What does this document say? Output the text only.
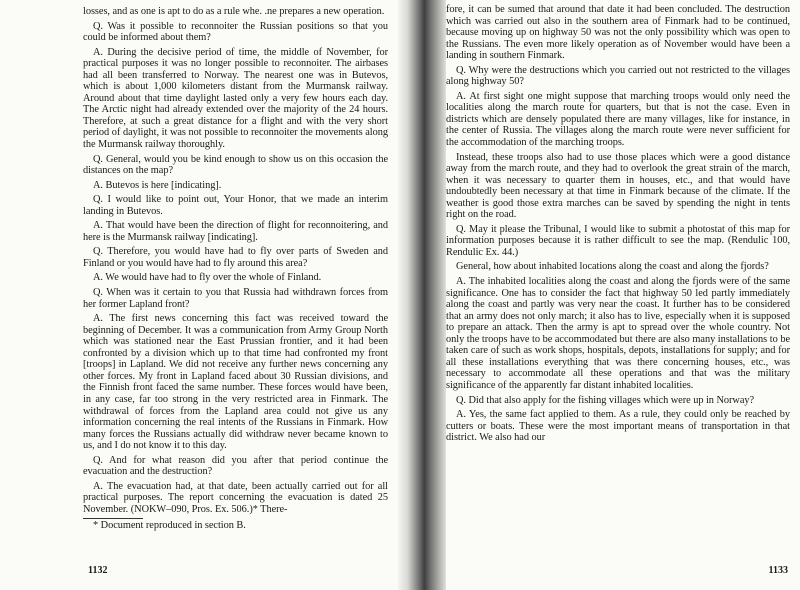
losses, and as one is apt to do as a rule whe. .ne prepares a new operation.

Q. Was it possible to reconnoiter the Russian positions so that you could be informed about them?

A. During the decisive period of time, the middle of November, for practical purposes it was no longer possible to reconnoiter. The airbases had all been transferred to Norway. The nearest one was in Butevos, which is about 1,000 kilometers distant from the Murmansk railway. Around about that time daylight lasted only a very few hours each day. The Arctic night had already extended over the majority of the 24 hours. Therefore, at such a great distance for a flight and with the very short period of daylight, it was not possible to reconnoiter the movements along the Murmansk railway thoroughly.

Q. General, would you be kind enough to show us on this occasion the distances on the map?

A. Butevos is here [indicating].

Q. I would like to point out, Your Honor, that we made an interim landing in Butevos.

A. That would have been the direction of flight for reconnoitering, and here is the Murmansk railway [indicating].

Q. Therefore, you would have had to fly over parts of Sweden and Finland or you would have had to fly around this area?

A. We would have had to fly over the whole of Finland.

Q. When was it certain to you that Russia had withdrawn forces from her former Lapland front?

A. The first news concerning this fact was received toward the beginning of December. It was a communication from Army Group North which was stationed near the East Prussian frontier, and it had been confronted by a division which up to that time had confronted my front [troops] in Lapland. We did not receive any further news concerning any other forces. My front in Lapland faced about 30 Russian divisions, and the Finnish front faced the same number. These forces would have been, in any case, far too strong in the very restricted area in Finmark. The withdrawal of forces from the Lapland area could not give us any information concerning the real intents of the Russians in Finmark. How many forces the Russians actually did withdraw never became known to us, and I do not know it to this day.

Q. And for what reason did you after that period continue the evacuation and the destruction?

A. The evacuation had, at that date, been actually carried out for all practical purposes. The report concerning the evacuation is dated 25 November. (NOKW–090, Pros. Ex. 506.)* There-

* Document reproduced in section B.

1132

fore, it can be sumed that around that date it had been concluded. The destruction which was carried out also in the southern area of Finmark had to be continued, because moving up on highway 50 was not the only possibility which was open to the Russians. The even more likely operation as of November would have been a landing in southern Finmark.

Q. Why were the destructions which you carried out not restricted to the villages along highway 50?

A. At first sight one might suppose that marching troops would only need the localities along the march route for quarters, but that is not the case. Even in districts which are densely populated there are many villages, like for instance, in the center of Russia. The villages along the march route were never sufficient for the accommodation of the marching troops.

Instead, these troops also had to use those places which were a good distance away from the march route, and they had to overlook the great strain of the march, when it was necessary to quarter them in houses, etc., and that would have undoubtedly been necessary at that time in Finmark because of the climate. If the weather is good those extra marches can be saved by spending the night in tents right on the road.

Q. May it please the Tribunal, I would like to submit a photostat of this map for information purposes because it is rather difficult to see the map. (Rendulic 100, Rendulic Ex. 44.)

General, how about inhabited locations along the coast and along the fjords?

A. The inhabited localities along the coast and along the fjords were of the same significance. One has to consider the fact that highway 50 led partly immediately along the coast and partly was very near the coast. It further has to be considered that an army does not only march; it also has to live, especially when it is supposed to prepare an attack. Then the army is apt to spread over the whole country. Not only the troops have to be accommodated but there are also many installations to be taken care of such as work shops, hospitals, depots, installations for supply; and for all these installations everything that was there concerning houses, etc., was necessary to accommodate all these operations and that was the military significance of the apparently far distant inhabited localities.

Q. Did that also apply for the fishing villages which were up in Norway?

A. Yes, the same fact applied to them. As a rule, they could only be reached by cutters or boats. These were the most important means of transportation in that district. We also had our

1133
